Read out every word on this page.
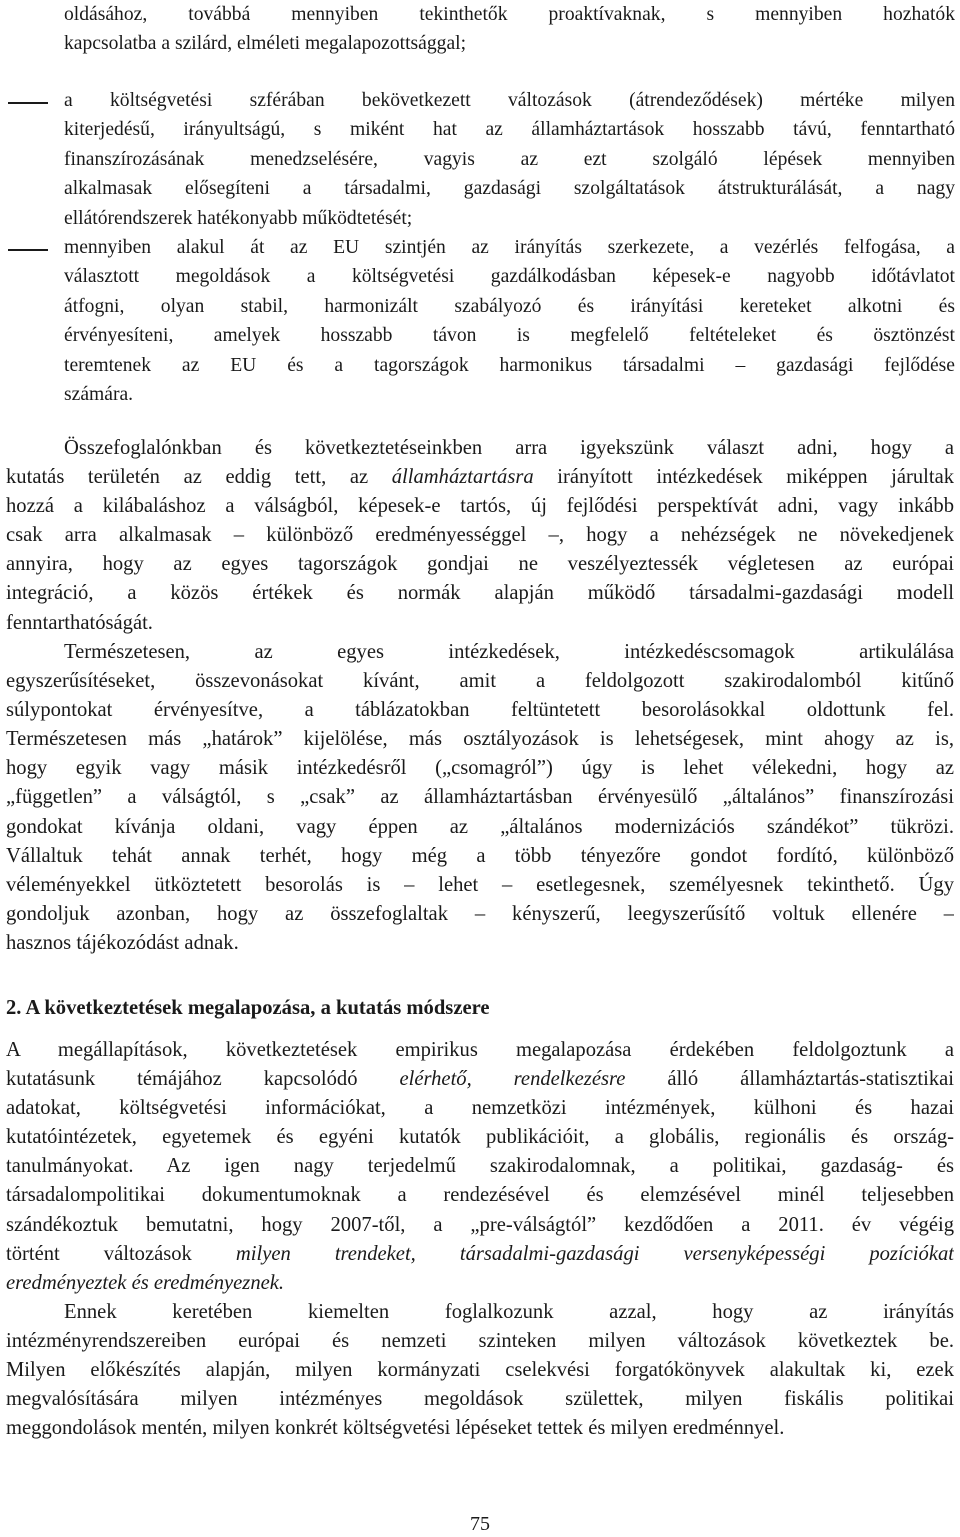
oldásához, továbbá mennyiben tekinthetők proaktívaknak, s mennyiben hozhatók
kapcsolatba a szilárd, elméleti megalapozottsággal;
a költségvetési szférában bekövetkezett változások (átrendeződések) mértéke milyen
kiterjedésű, irányultságú, s miként hat az államháztartások hosszabb távú, fenntartható
finanszírozásának menedzselésére, vagyis az ezt szolgáló lépések mennyiben
alkalmasak elősegíteni a társadalmi, gazdasági szolgáltatások átstrukturálását, a nagy
ellátórendszerek hatékonyabb működtetését;
mennyiben alakul át az EU szintjén az irányítás szerkezete, a vezérlés felfogása, a
választott megoldások a költségvetési gazdálkodásban képesek-e nagyobb időtávlatot
átfogni, olyan stabil, harmonizált szabályozó és irányítási kereteket alkotni és
érvényesíteni, amelyek hosszabb távon is megfelelő feltételeket és ösztönzést
teremtenek az EU és a tagországok harmonikus társadalmi – gazdasági fejlődése
számára.
Összefoglalónkban és következtetéseinkben arra igyekszünk választ adni, hogy a
kutatás területén az eddig tett, az államháztartásra irányított intézkedések miképpen járultak
hozzá a kilábaláshoz a válságból, képesek-e tartós, új fejlődési perspektívát adni, vagy inkább
csak arra alkalmasak – különböző eredményességgel –, hogy a nehézségek ne növekedjenek
annyira, hogy az egyes tagországok gondjai ne veszélyeztessék végletesen az európai
integráció, a közös értékek és normák alapján működő társadalmi-gazdasági modell
fenntarthatóságát.
Természetesen, az egyes intézkedések, intézkedéscsomagok artikulálása
egyszerűsítéseket, összevonásokat kívánt, amit a feldolgozott szakirodalomból kitűnő
súlypontokat érvényesítve, a táblázatokban feltüntetett besorolásokkal oldottunk fel.
Természetesen más „határok” kijelölése, más osztályozások is lehetségesek, mint ahogy az is,
hogy egyik vagy másik intézkedésről („csomagról”) úgy is lehet vélekedni, hogy az
„független” a válságtól, s „csak” az államháztartásban érvényesülő „általános” finanszírozási
gondokat kívánja oldani, vagy éppen az „általános modernizációs szándékot” tükrözi.
Vállaltuk tehát annak terhét, hogy még a több tényezőre gondot fordító, különböző
véleményekkel ütköztetett besorolás is – lehet – esetlegesnek, személyesnek tekinthető. Úgy
gondoljuk azonban, hogy az összefoglaltak – kényszerű, leegyszerűsítő voltuk ellenére –
hasznos tájékozódást adnak.
2. A következtetések megalapozása, a kutatás módszere
A megállapítások, következtetések empirikus megalapozása érdekében feldolgoztunk a
kutatásunk témájához kapcsolódó elérhető, rendelkezésre álló államháztartás-statisztikai
adatokat, költségvetési információkat, a nemzetközi intézmények, külhoni és hazai
kutatóintézetek, egyetemek és egyéni kutatók publikációit, a globális, regionális és ország-
tanulmányokat. Az igen nagy terjedelmű szakirodalomnak, a politikai, gazdaság- és
társadalompolitikai dokumentumoknak a rendezésével és elemzésével minél teljesebben
szándékoztuk bemutatni, hogy 2007-től, a „pre-válságtól” kezdődően a 2011. év végéig
történt változások milyen trendeket, társadalmi-gazdasági versenyképességi pozíciókat
eredményeztek és eredményeznek.
Ennek keretében kiemelten foglalkozunk azzal, hogy az irányítás
intézményrendszereiben európai és nemzeti szinteken milyen változások következtek be.
Milyen előkészítés alapján, milyen kormányzati cselekvési forgatókönyvek alakultak ki, ezek
megvalósítására milyen intézményes megoldások születtek, milyen fiskális politikai
meggondolások mentén, milyen konkrét költségvetési lépéseket tettek és milyen eredménnyel.
75
